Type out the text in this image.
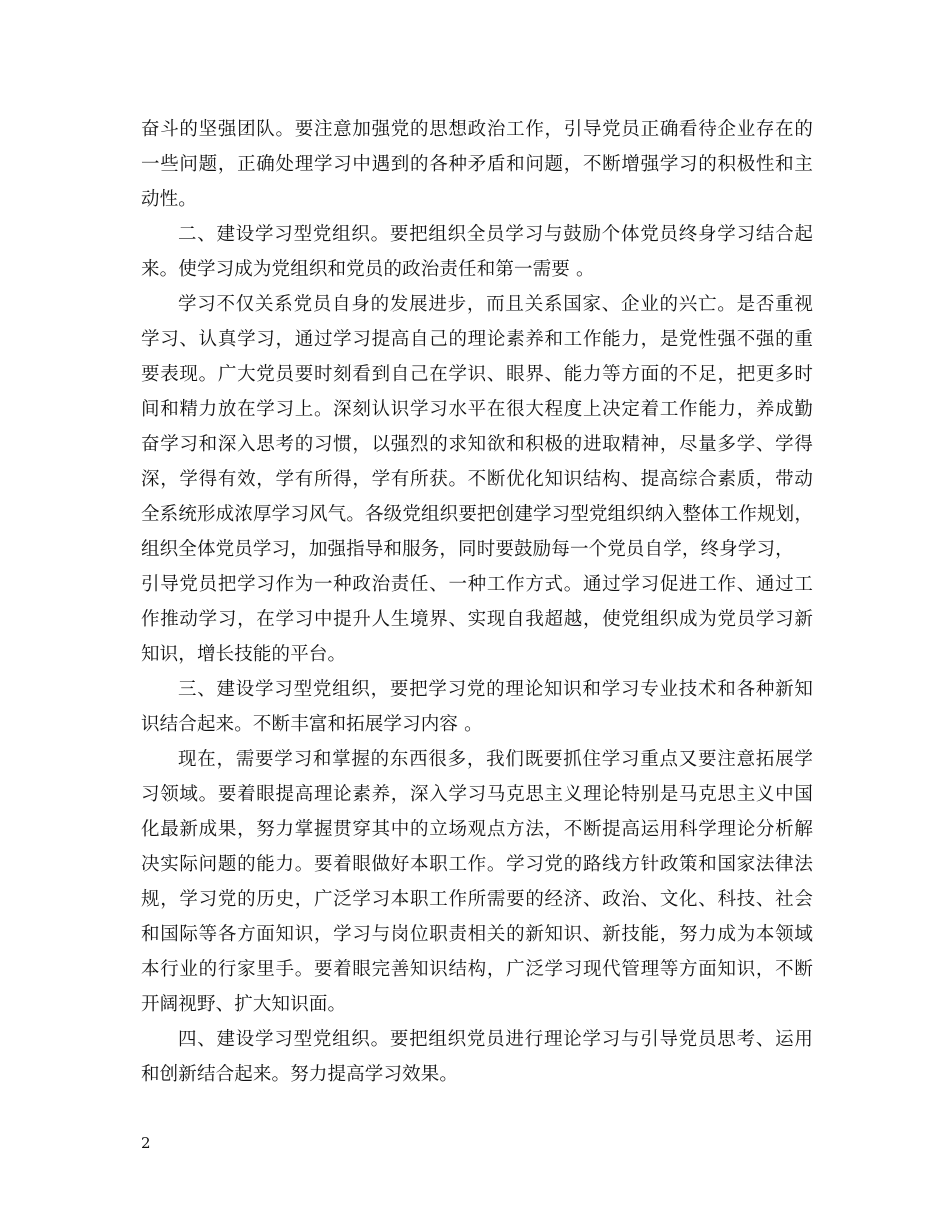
奋斗的坚强团队。要注意加强党的思想政治工作，引导党员正确看待企业存在的
一些问题，正确处理学习中遇到的各种矛盾和问题，不断增强学习的积极性和主
动性。
二、建设学习型党组织。要把组织全员学习与鼓励个体党员终身学习结合起
来。使学习成为党组织和党员的政治责任和第一需要 。
学习不仅关系党员自身的发展进步，而且关系国家、企业的兴亡。是否重视
学习、认真学习，通过学习提高自己的理论素养和工作能力，是党性强不强的重
要表现。广大党员要时刻看到自己在学识、眼界、能力等方面的不足，把更多时
间和精力放在学习上。深刻认识学习水平在很大程度上决定着工作能力，养成勤
奋学习和深入思考的习惯，以强烈的求知欲和积极的进取精神，尽量多学、学得
深，学得有效，学有所得，学有所获。不断优化知识结构、提高综合素质，带动
全系统形成浓厚学习风气。各级党组织要把创建学习型党组织纳入整体工作规划，
组织全体党员学习，加强指导和服务，同时要鼓励每一个党员自学，终身学习，
引导党员把学习作为一种政治责任、一种工作方式。通过学习促进工作、通过工
作推动学习，在学习中提升人生境界、实现自我超越，使党组织成为党员学习新
知识，增长技能的平台。
三、建设学习型党组织，要把学习党的理论知识和学习专业技术和各种新知
识结合起来。不断丰富和拓展学习内容 。
现在，需要学习和掌握的东西很多，我们既要抓住学习重点又要注意拓展学
习领域。要着眼提高理论素养，深入学习马克思主义理论特别是马克思主义中国
化最新成果，努力掌握贯穿其中的立场观点方法，不断提高运用科学理论分析解
决实际问题的能力。要着眼做好本职工作。学习党的路线方针政策和国家法律法
规，学习党的历史，广泛学习本职工作所需要的经济、政治、文化、科技、社会
和国际等各方面知识，学习与岗位职责相关的新知识、新技能，努力成为本领域
本行业的行家里手。要着眼完善知识结构，广泛学习现代管理等方面知识，不断
开阔视野、扩大知识面。
四、建设学习型党组织。要把组织党员进行理论学习与引导党员思考、运用
和创新结合起来。努力提高学习效果。
2
